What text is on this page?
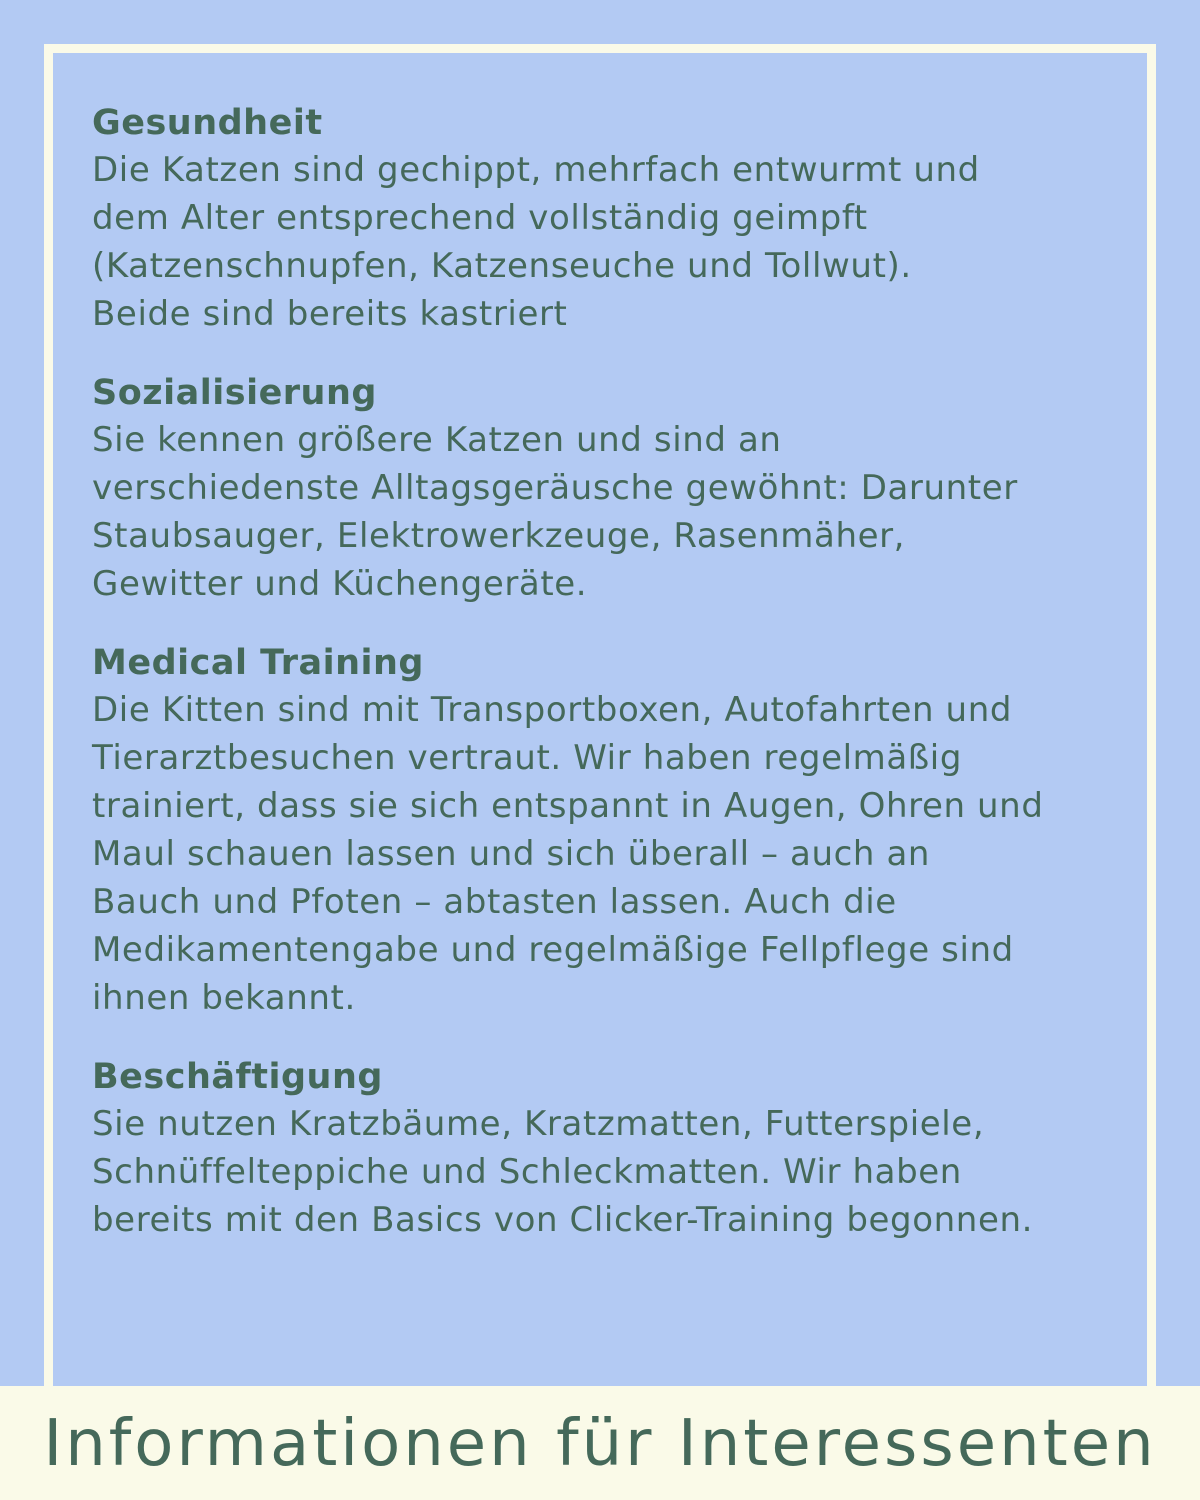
Gesundheit

Die Katzen sind gechippt, mehrfach entwurmt und
dem Alter entsprechend vollständig geimpft
(Katzenschnupfen, Katzenseuche und Tollwut).
Beide sind bereits kastriert

Sozialisierung

Sie kennen größere Katzen und sind an
verschiedenste Alltagsgeräusche gewöhnt: Darunter
Staubsauger, Elektrowerkzeuge, Rasenmäher,
Gewitter und Küchengeräte.

Medical Training

Die Kitten sind mit Transportboxen, Autofahrten und
Tierarztbesuchen vertraut. Wir haben regelmäßig
trainiert, dass sie sich entspannt in Augen, Ohren und
Maul schauen lassen und sich überall – auch an
Bauch und Pfoten – abtasten lassen. Auch die
Medikamentengabe und regelmäßige Fellpflege sind
ihnen bekannt.

Beschäftigung

Sie nutzen Kratzbäume, Kratzmatten, Futterspiele,
Schnüffelteppiche und Schleckmatten. Wir haben
bereits mit den Basics von Clicker-Training begonnen.

Informationen für Interessenten
